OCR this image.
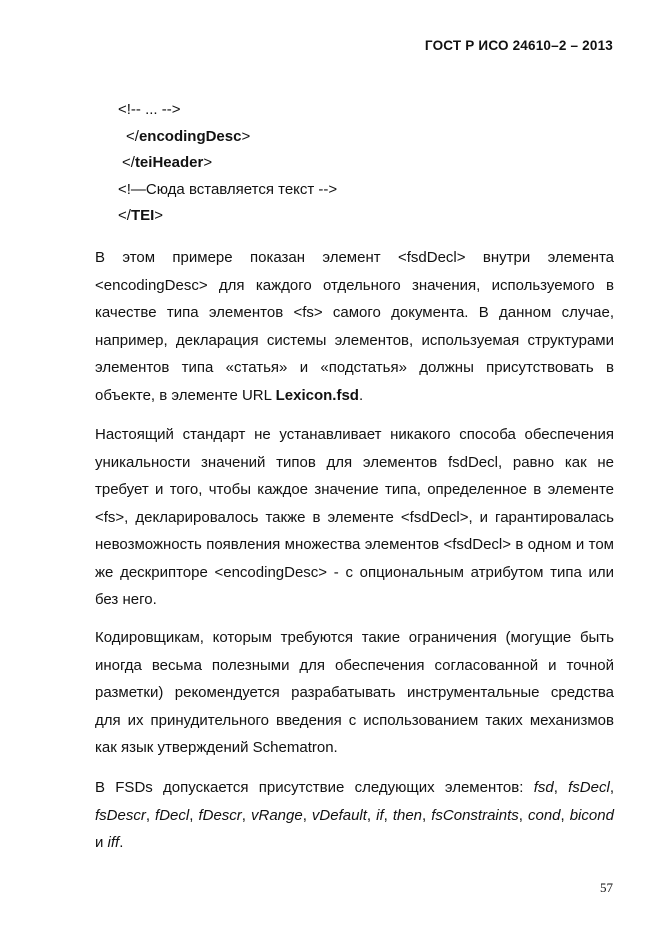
ГОСТ Р ИСО 24610–2 – 2013
<!-- ... -->
</encodingDesc>
</teiHeader>
<!—Сюда вставляется текст -->
</TEI>

В этом примере показан элемент <fsdDecl> внутри элемента <encodingDesc> для каждого отдельного значения, используемого в качестве типа элементов <fs> самого документа. В данном случае, например, декларация системы элементов, используемая структурами элементов типа «статья» и «подстатья» должны присутствовать в объекте, в элементе URL Lexicon.fsd.

Настоящий стандарт не устанавливает никакого способа обеспечения уникальности значений типов для элементов fsdDecl, равно как не требует и того, чтобы каждое значение типа, определенное в элементе <fs>, декларировалось также в элементе <fsdDecl>, и гарантировалась невозможность появления множества элементов <fsdDecl> в одном и том же дескрипторе <encodingDesc> - с опциональным атрибутом типа или без него.

Кодировщикам, которым требуются такие ограничения (могущие быть иногда весьма полезными для обеспечения согласованной и точной разметки) рекомендуется разрабатывать инструментальные средства для их принудительного введения с использованием таких механизмов как язык утверждений Schematron.

В FSDs допускается присутствие следующих элементов: fsd, fsDecl, fsDescr, fDecl, fDescr, vRange, vDefault, if, then, fsConstraints, cond, bicond и iff.

57
